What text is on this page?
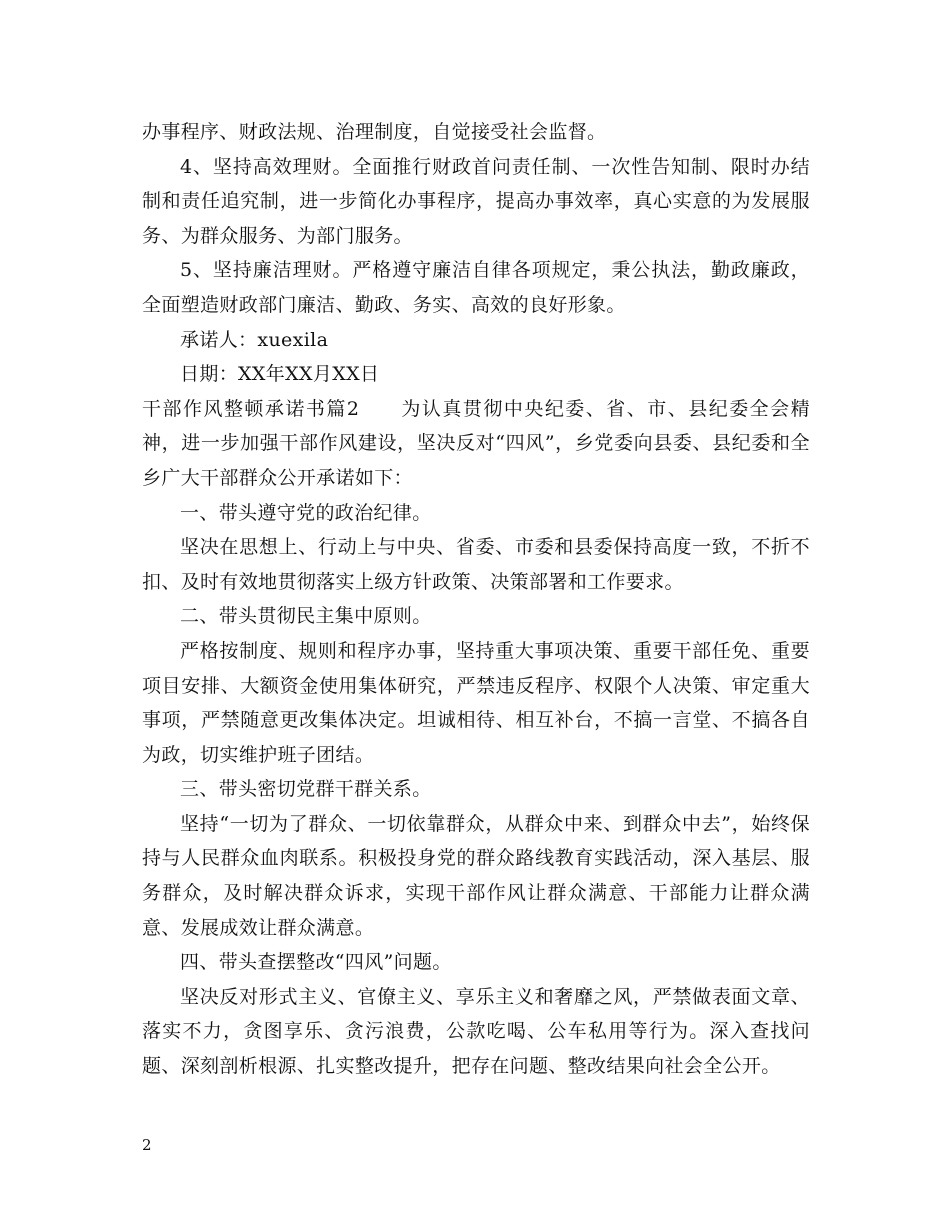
办事程序、财政法规、治理制度，自觉接受社会监督。

4、坚持高效理财。全面推行财政首问责任制、一次性告知制、限时办结制和责任追究制，进一步简化办事程序，提高办事效率，真心实意的为发展服务、为群众服务、为部门服务。

5、坚持廉洁理财。严格遵守廉洁自律各项规定，秉公执法，勤政廉政，全面塑造财政部门廉洁、勤政、务实、高效的良好形象。

承诺人：xuexila

日期：XX年XX月XX日

干部作风整顿承诺书篇2　　为认真贯彻中央纪委、省、市、县纪委全会精神，进一步加强干部作风建设，坚决反对“四风”，乡党委向县委、县纪委和全乡广大干部群众公开承诺如下：

一、带头遵守党的政治纪律。

坚决在思想上、行动上与中央、省委、市委和县委保持高度一致，不折不扣、及时有效地贯彻落实上级方针政策、决策部署和工作要求。

二、带头贯彻民主集中原则。

严格按制度、规则和程序办事，坚持重大事项决策、重要干部任免、重要项目安排、大额资金使用集体研究，严禁违反程序、权限个人决策、审定重大事项，严禁随意更改集体决定。坦诚相待、相互补台，不搞一言堂、不搞各自为政，切实维护班子团结。

三、带头密切党群干群关系。

坚持“一切为了群众、一切依靠群众，从群众中来、到群众中去”，始终保持与人民群众血肉联系。积极投身党的群众路线教育实践活动，深入基层、服务群众，及时解决群众诉求，实现干部作风让群众满意、干部能力让群众满意、发展成效让群众满意。

四、带头查摆整改“四风”问题。

坚决反对形式主义、官僚主义、享乐主义和奢靡之风，严禁做表面文章、落实不力，贪图享乐、贪污浪费，公款吃喝、公车私用等行为。深入查找问题、深刻剖析根源、扎实整改提升，把存在问题、整改结果向社会全公开。

2
